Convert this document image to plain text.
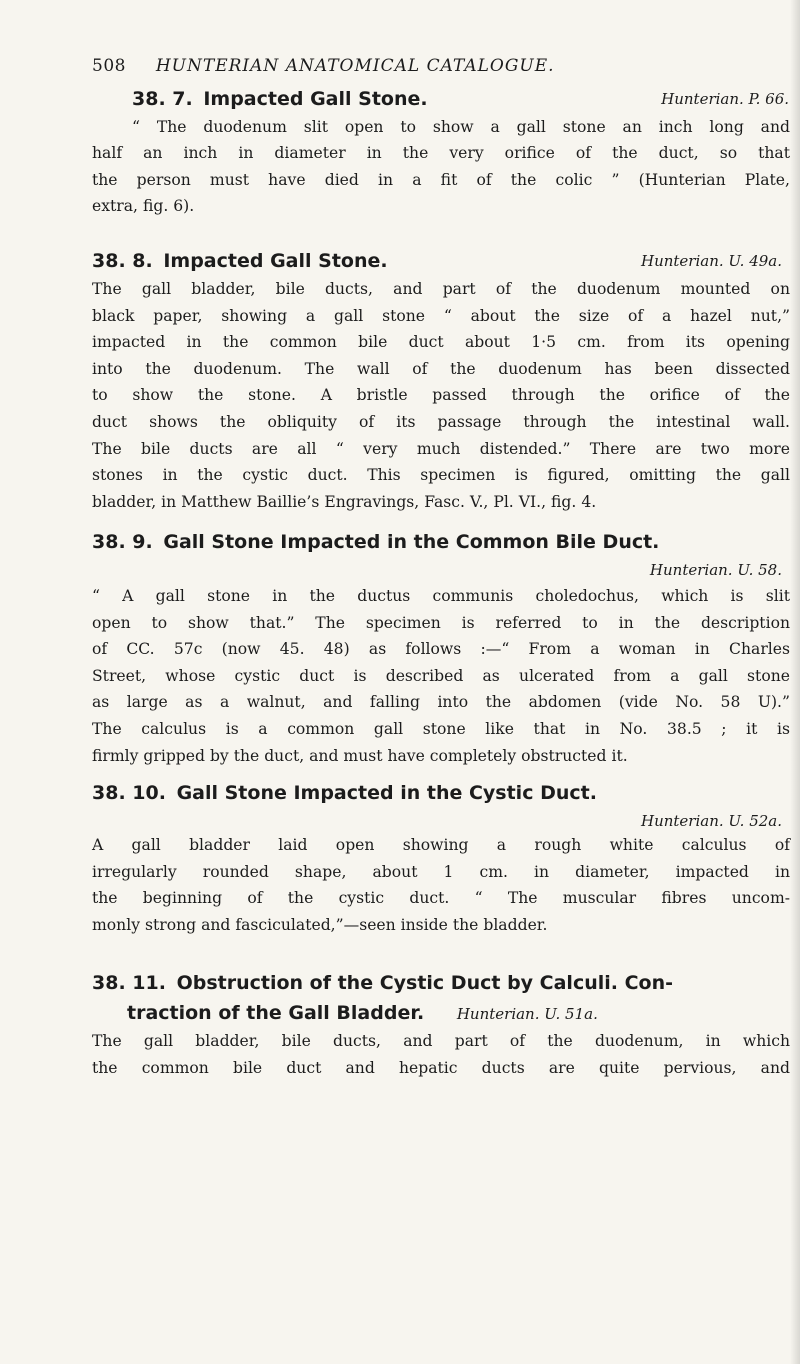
508 HUNTERIAN ANATOMICAL CATALOGUE.
38. 7. Impacted Gall Stone.	Hunterian. P. 66.
“ The duodenum slit open to show a gall stone an inch long and
half an inch in diameter in the very orifice of the duct, so that
the person must have died in a fit of the colic ” (Hunterian Plate,
extra, fig. 6).
38. 8. Impacted Gall Stone.	Hunterian. U. 49a.
The gall bladder, bile ducts, and part of the duodenum mounted on
black paper, showing a gall stone “ about the size of a hazel nut,”
impacted in the common bile duct about 1·5 cm. from its opening
into the duodenum. The wall of the duodenum has been dissected
to show the stone. A bristle passed through the orifice of the
duct shows the obliquity of its passage through the intestinal wall.
The bile ducts are all “ very much distended.” There are two more
stones in the cystic duct. This specimen is figured, omitting the gall
bladder, in Matthew Baillie’s Engravings, Fasc. V., Pl. VI., fig. 4.
38. 9. Gall Stone Impacted in the Common Bile Duct.
Hunterian. U. 58.
“ A gall stone in the ductus communis choledochus, which is slit
open to show that.” The specimen is referred to in the description
of CC. 57c (now 45. 48) as follows :—“ From a woman in Charles
Street, whose cystic duct is described as ulcerated from a gall stone
as large as a walnut, and falling into the abdomen (vide No. 58 U).”
The calculus is a common gall stone like that in No. 38.5 ; it is
firmly gripped by the duct, and must have completely obstructed it.
38. 10. Gall Stone Impacted in the Cystic Duct.
Hunterian. U. 52a.
A gall bladder laid open showing a rough white calculus of
irregularly rounded shape, about 1 cm. in diameter, impacted in
the beginning of the cystic duct. “ The muscular fibres uncom-
monly strong and fasciculated,”—seen inside the bladder.
38. 11. Obstruction of the Cystic Duct by Calculi. Con-
traction of the Gall Bladder. Hunterian. U. 51a.
The gall bladder, bile ducts, and part of the duodenum, in which
the common bile duct and hepatic ducts are quite pervious, and
